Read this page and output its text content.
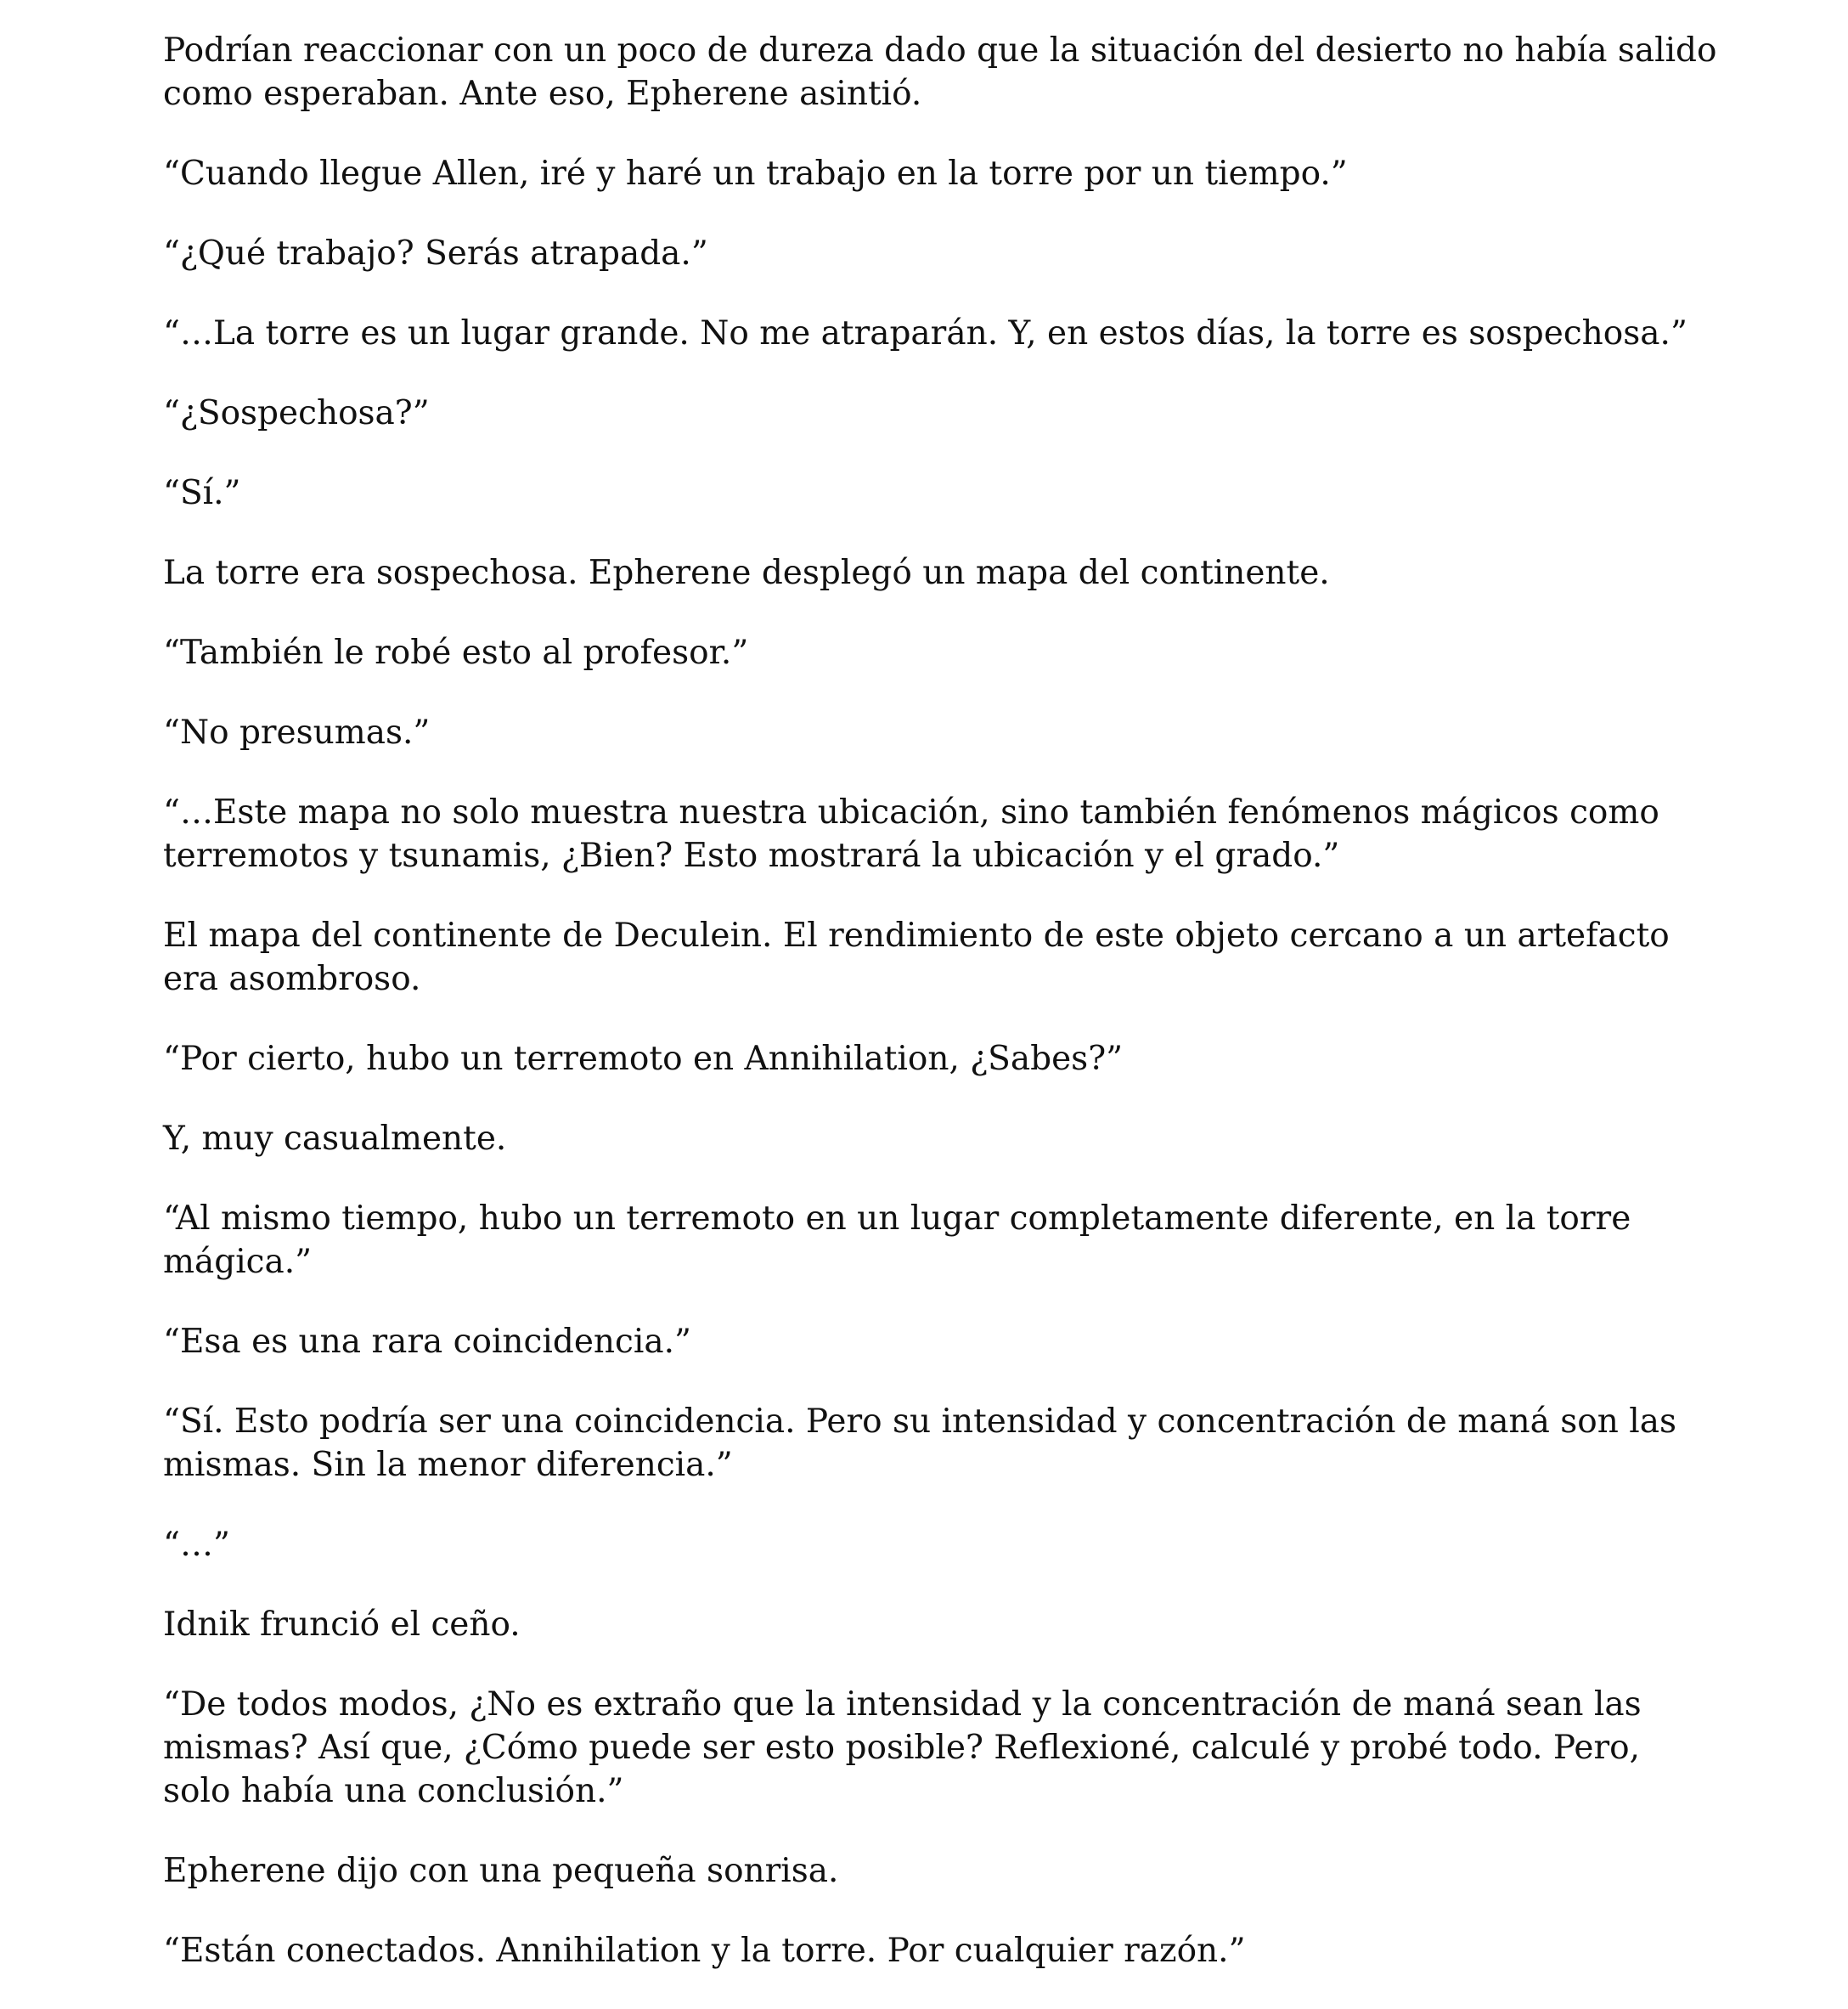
Podrían reaccionar con un poco de dureza dado que la situación del desierto no había salido como esperaban. Ante eso, Epherene asintió.

“Cuando llegue Allen, iré y haré un trabajo en la torre por un tiempo.”

“¿Qué trabajo? Serás atrapada.”

“…La torre es un lugar grande. No me atraparán. Y, en estos días, la torre es sospechosa.”

“¿Sospechosa?”

“Sí.”

La torre era sospechosa. Epherene desplegó un mapa del continente.

“También le robé esto al profesor.”

“No presumas.”

“…Este mapa no solo muestra nuestra ubicación, sino también fenómenos mágicos como terremotos y tsunamis, ¿Bien? Esto mostrará la ubicación y el grado.”

El mapa del continente de Deculein. El rendimiento de este objeto cercano a un artefacto era asombroso.

“Por cierto, hubo un terremoto en Annihilation, ¿Sabes?”

Y, muy casualmente.

“Al mismo tiempo, hubo un terremoto en un lugar completamente diferente, en la torre mágica.”

“Esa es una rara coincidencia.”

“Sí. Esto podría ser una coincidencia. Pero su intensidad y concentración de maná son las mismas. Sin la menor diferencia.”

“…”

Idnik frunció el ceño.

“De todos modos, ¿No es extraño que la intensidad y la concentración de maná sean las mismas? Así que, ¿Cómo puede ser esto posible? Reflexioné, calculé y probé todo. Pero, solo había una conclusión.”

Epherene dijo con una pequeña sonrisa.

“Están conectados. Annihilation y la torre. Por cualquier razón.”
